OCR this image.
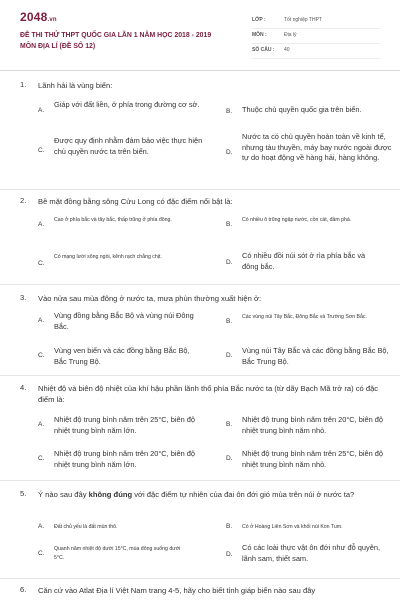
2048.vn
ĐỀ THI THỬ THPT QUỐC GIA LẦN 1 NĂM HỌC 2018 - 2019
MÔN ĐỊA LÍ (ĐỀ SỐ 12)
LỚP :	Tốt nghiệp THPT
MÔN :	Địa lý
SỐ CÂU : 40
1. Lãnh hải là vùng biển:
A.
Giáp với đất liền, ở phía trong đường cơ sở.
B. Thuộc chủ quyền quốc gia trên biển.
C.
Được quy định nhằm đảm bảo việc thực hiện chủ quyền nước ta trên biển.	D.
Nước ta có chủ quyền hoàn toàn về kinh tế, nhưng tàu thuyền, máy bay nước ngoài được tự do hoạt động về hàng hải, hàng không.
2. Bề mặt đồng bằng sông Cửu Long có đặc điểm nổi bật là:
A.
Cao ở phía bắc và tây bắc, thấp trũng ở phía đông.
B.
Có nhiều ô trũng ngập nước, cồn cát, đầm phá.
C.
Có mạng lưới sông ngòi, kênh rạch chằng chịt.
D.
Có nhiều đồi núi sót ở rìa phía bắc và đông bắc.
3. Vào nửa sau mùa đông ở nước ta, mưa phùn thường xuất hiện ở:
A.
Vùng đồng bằng Bắc Bộ và vùng núi Đông Bắc.	B.
Các vùng núi Tây Bắc, Đông Bắc và Trường Sơn Bắc.
C.
Vùng ven biển và các đồng bằng Bắc Bộ, Bắc Trung Bộ.
D.
Vùng núi Tây Bắc và các đồng bằng Bắc Bộ, Bắc Trung Bộ.
4. Nhiệt độ và biên độ nhiệt của khí hậu phần lãnh thổ phía Bắc nước ta (từ dãy Bạch Mã trở ra) có đặc điểm là:
A.
Nhiệt độ trung bình năm trên 25°C, biên độ nhiệt trung bình năm lớn.
B.
Nhiệt độ trung bình năm trên 20°C, biên độ nhiệt trung bình năm nhỏ.
C.
Nhiệt độ trung bình năm trên 20°C, biên độ nhiệt trung bình năm lớn.
D.
Nhiệt độ trung bình năm trên 25°C, biên độ nhiệt trung bình năm nhỏ.
5. Ý nào sau đây không đúng với đặc điểm tự nhiên của đai ôn đới gió mùa trên núi ở nước ta?
A. Đất chủ yếu là đất mùn thô.	B. Có ở Hoàng Liên Sơn và khối núi Kon Tum.
C.
Quanh năm nhiệt độ dưới 15°C, mùa đông xuống dưới 5°C.	D.
Có các loài thực vật ôn đới như đỗ quyên, lãnh sam, thiết sam.
6. Căn cứ vào Atlat Địa lí Việt Nam trang 4-5, hãy cho biết tỉnh giáp biển nào sau đây
